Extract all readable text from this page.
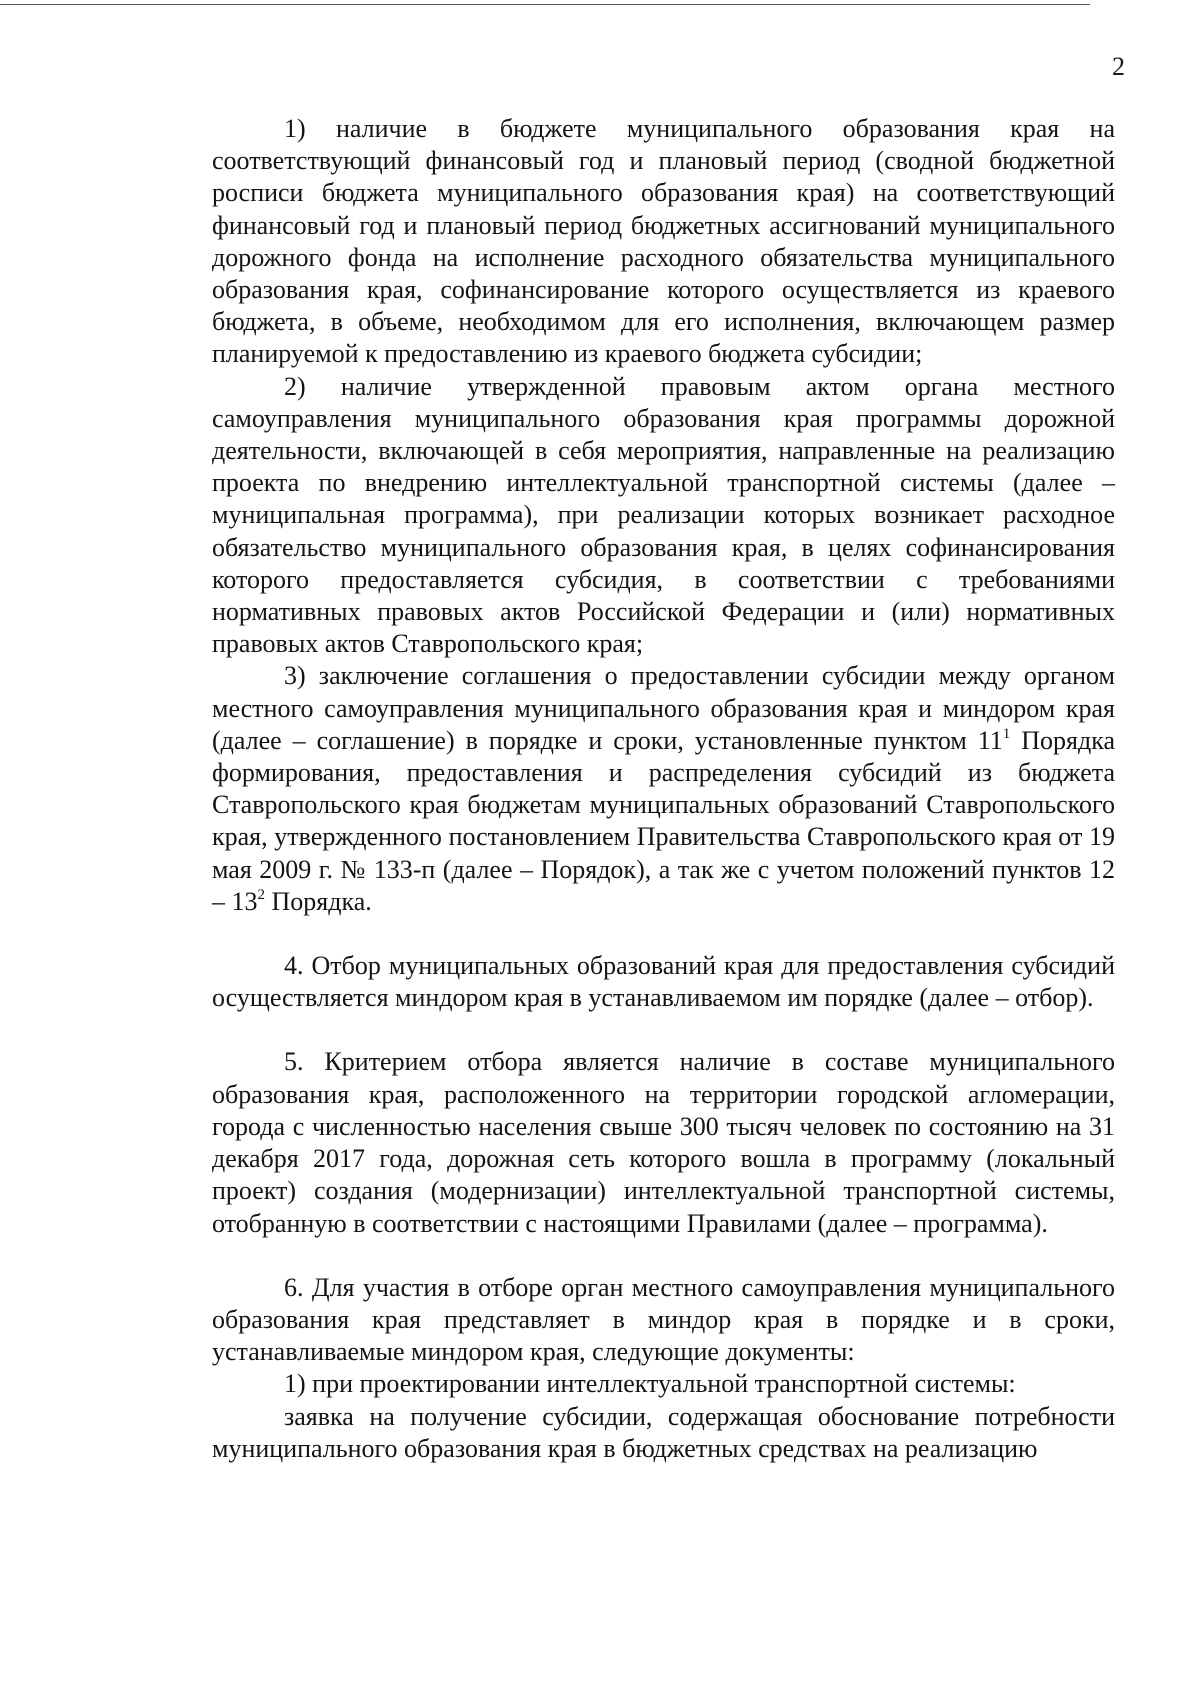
2

1) наличие в бюджете муниципального образования края на соответствующий финансовый год и плановый период (сводной бюджетной росписи бюджета муниципального образования края) на соответствующий финансовый год и плановый период бюджетных ассигнований муниципального дорожного фонда на исполнение расходного обязательства муниципального образования края, софинансирование которого осуществляется из краевого бюджета, в объеме, необходимом для его исполнения, включающем размер планируемой к предоставлению из краевого бюджета субсидии;

2) наличие утвержденной правовым актом органа местного самоуправления муниципального образования края программы дорожной деятельности, включающей в себя мероприятия, направленные на реализацию проекта по внедрению интеллектуальной транспортной системы (далее – муниципальная программа), при реализации которых возникает расходное обязательство муниципального образования края, в целях софинансирования которого предоставляется субсидия, в соответствии с требованиями нормативных правовых актов Российской Федерации и (или) нормативных правовых актов Ставропольского края;

3) заключение соглашения о предоставлении субсидии между органом местного самоуправления муниципального образования края и миндором края (далее – соглашение) в порядке и сроки, установленные пунктом $11^1$ Порядка формирования, предоставления и распределения субсидий из бюджета Ставропольского края бюджетам муниципальных образований Ставропольского края, утвержденного постановлением Правительства Ставропольского края от 19 мая 2009 г. № 133-п (далее – Порядок), а так же с учетом положений пунктов $12 - 13^2$ Порядка.

4. Отбор муниципальных образований края для предоставления субсидий осуществляется миндором края в устанавливаемом им порядке (далее – отбор).

5. Критерием отбора является наличие в составе муниципального образования края, расположенного на территории городской агломерации, города с численностью населения свыше 300 тысяч человек по состоянию на 31 декабря 2017 года, дорожная сеть которого вошла в программу (локальный проект) создания (модернизации) интеллектуальной транспортной системы, отобранную в соответствии с настоящими Правилами (далее – программа).

6. Для участия в отборе орган местного самоуправления муниципального образования края представляет в миндор края в порядке и в сроки, устанавливаемые миндором края, следующие документы:

1) при проектировании интеллектуальной транспортной системы:

заявка на получение субсидии, содержащая обоснование потребности муниципального образования края в бюджетных средствах на реализацию
